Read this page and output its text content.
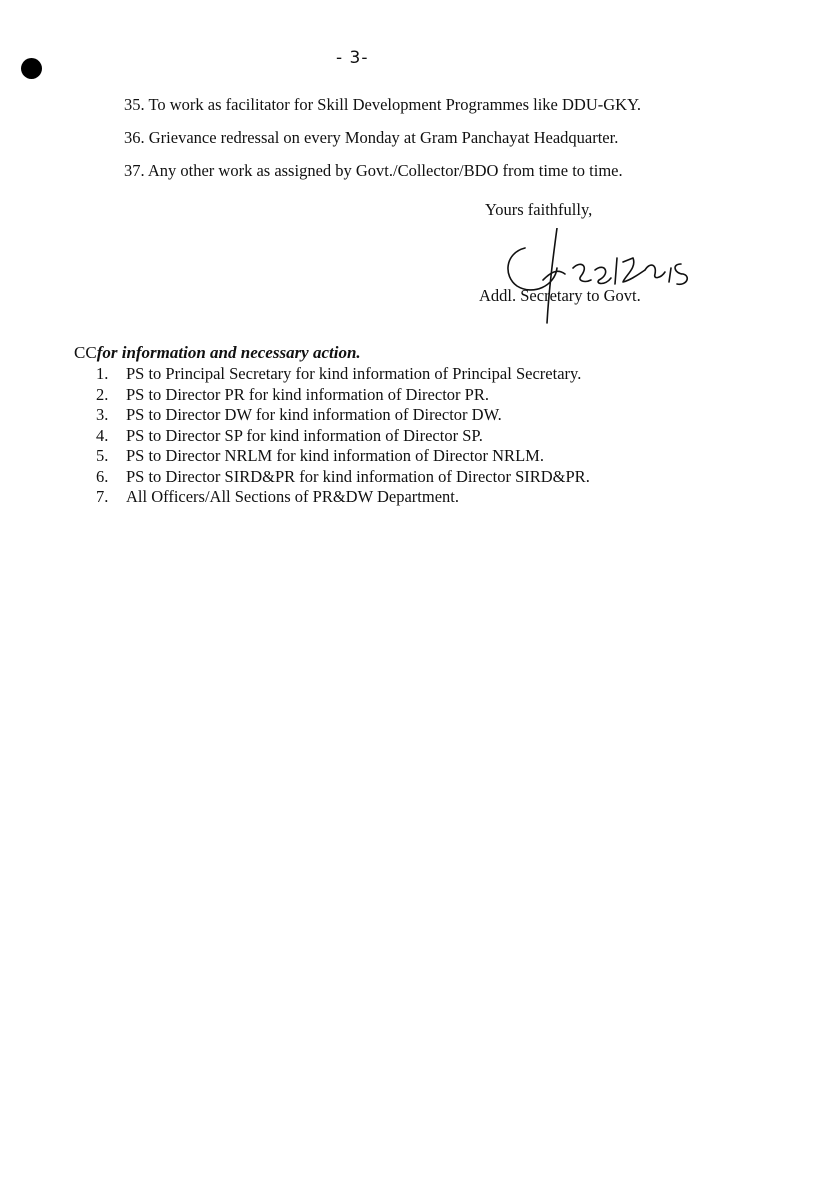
- 3-
35. To work as facilitator for Skill Development Programmes like DDU-GKY.
36. Grievance redressal on every Monday at Gram Panchayat Headquarter.
37. Any other work as assigned by Govt./Collector/BDO from time to time.
Yours faithfully,
Addl. Secretary to Govt.
CCfor information and necessary action.
1. PS to Principal Secretary for kind information of Principal Secretary.
2. PS to Director PR for kind information of Director PR.
3. PS to Director DW for kind information of Director DW.
4. PS to Director SP for kind information of Director SP.
5. PS to Director NRLM for kind information of Director NRLM.
6. PS to Director SIRD&PR for kind information of Director SIRD&PR.
7. All Officers/All Sections of PR&DW Department.
